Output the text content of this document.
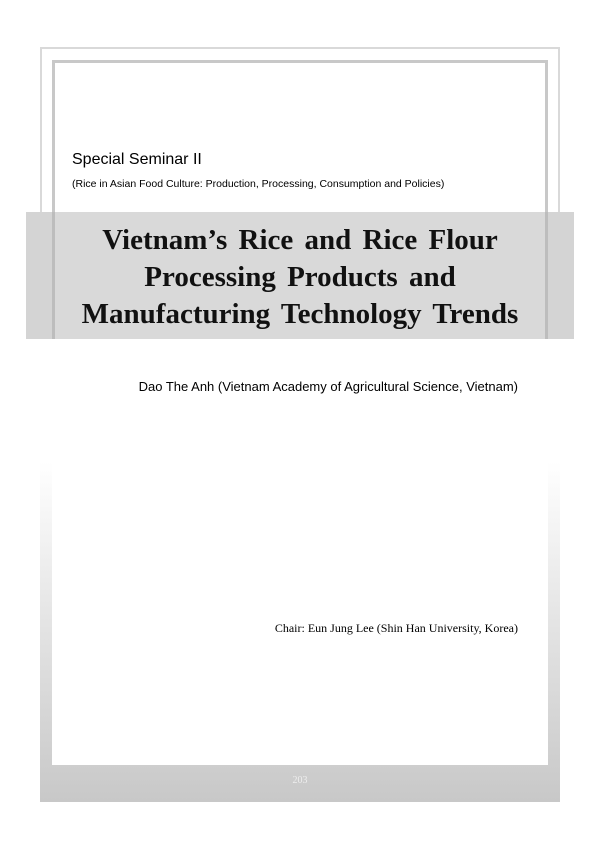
Special Seminar II
(Rice in Asian Food Culture: Production, Processing, Consumption and Policies)
Vietnam’s Rice and Rice Flour
Processing Products and
Manufacturing Technology Trends
Dao The Anh (Vietnam Academy of Agricultural Science, Vietnam)
Chair: Eun Jung Lee (Shin Han University, Korea)
203
